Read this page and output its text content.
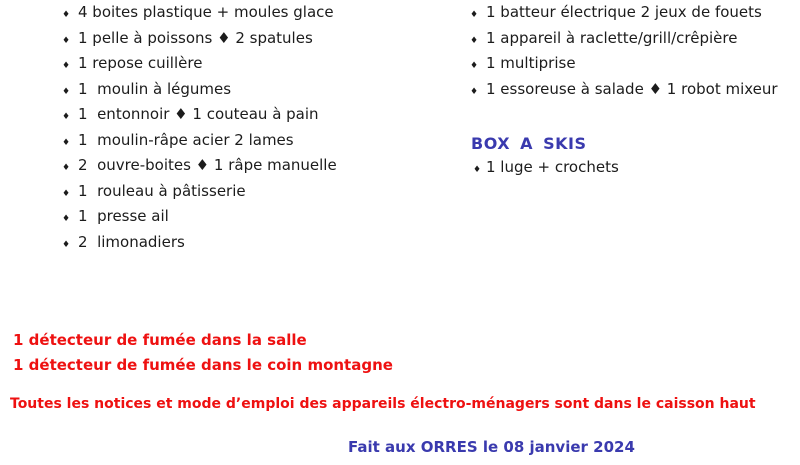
♦ 4 boites plastique + moules glace
♦ 1 pelle à poissons ♦ 2 spatules
♦ 1 repose cuillère
♦ 1  moulin à légumes
♦ 1  entonnoir ♦ 1 couteau à pain
♦ 1  moulin-râpe acier 2 lames
♦ 2  ouvre-boites ♦ 1 râpe manuelle
♦ 1  rouleau à pâtisserie
♦ 1  presse ail
♦ 2  limonadiers
♦ 1 batteur électrique 2 jeux de fouets
♦ 1 appareil à raclette/grill/crêpière
♦ 1 multiprise
♦ 1 essoreuse à salade ♦ 1 robot mixeur
BOX A SKIS
♦ 1 luge + crochets
1 détecteur de fumée dans la salle
1 détecteur de fumée dans le coin montagne
Toutes les notices et mode d’emploi des appareils électro-ménagers sont dans le caisson haut
Fait aux ORRES le 08 janvier 2024
